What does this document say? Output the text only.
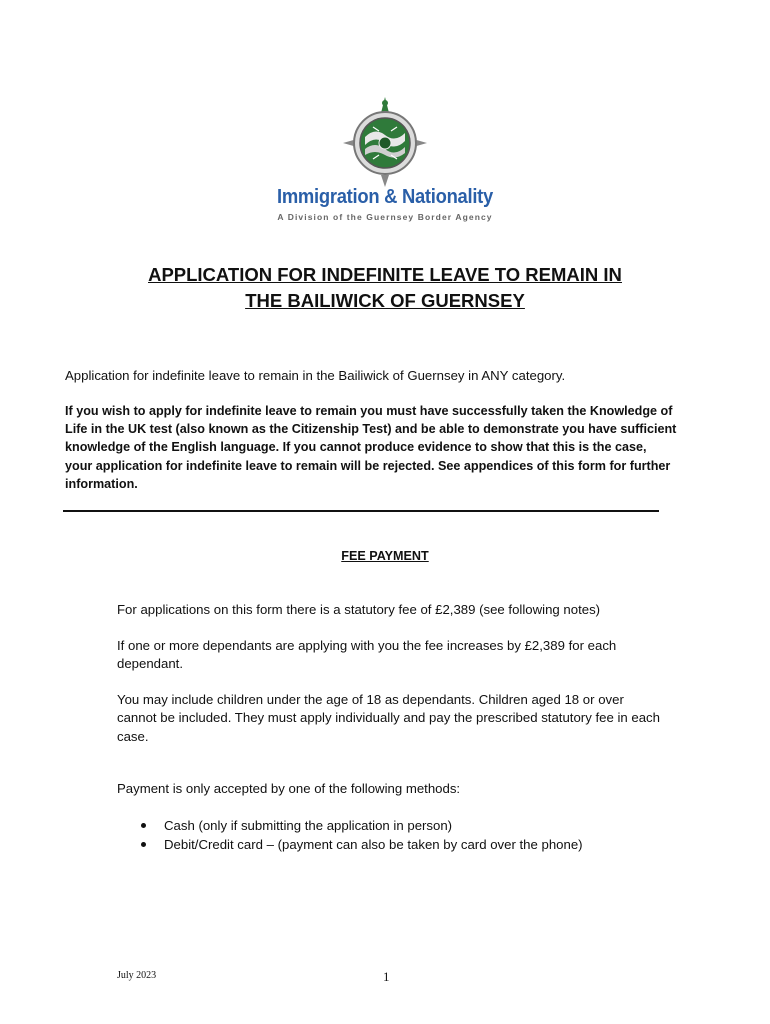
Immigration & Nationality
A Division of the Guernsey Border Agency
APPLICATION FOR INDEFINITE LEAVE TO REMAIN IN
THE BAILIWICK OF GUERNSEY
Application for indefinite leave to remain in the Bailiwick of Guernsey in ANY category.
If you wish to apply for indefinite leave to remain you must have successfully taken the Knowledge of Life in the UK test (also known as the Citizenship Test) and be able to demonstrate you have sufficient knowledge of the English language. If you cannot produce evidence to show that this is the case, your application for indefinite leave to remain will be rejected. See appendices of this form for further information.
FEE PAYMENT
For applications on this form there is a statutory fee of £2,389 (see following notes)
If one or more dependants are applying with you the fee increases by £2,389 for each dependant.
You may include children under the age of 18 as dependants. Children aged 18 or over cannot be included. They must apply individually and pay the prescribed statutory fee in each case.
Payment is only accepted by one of the following methods:
Cash (only if submitting the application in person)
Debit/Credit card – (payment can also be taken by card over the phone)
July 2023	1
